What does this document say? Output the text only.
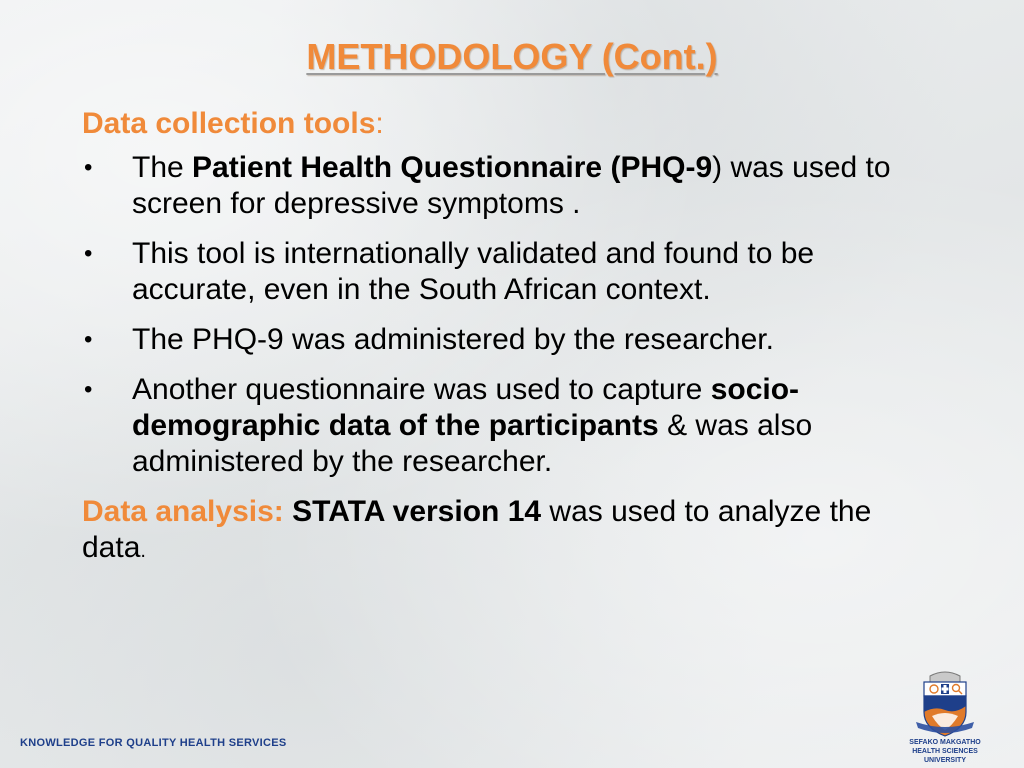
METHODOLOGY (Cont.)
Data collection tools:
• The Patient Health Questionnaire (PHQ-9) was used to screen for depressive symptoms .
• This tool is internationally validated and found to be accurate, even in the South African context.
• The PHQ-9 was administered by the researcher.
• Another questionnaire was used to capture socio-demographic data of the participants & was also administered by the researcher.
Data analysis: STATA version 14 was used to analyze the data.
KNOWLEDGE FOR QUALITY HEALTH SERVICES	SEFAKO MAKGATHO
HEALTH SCIENCES UNIVERSITY
